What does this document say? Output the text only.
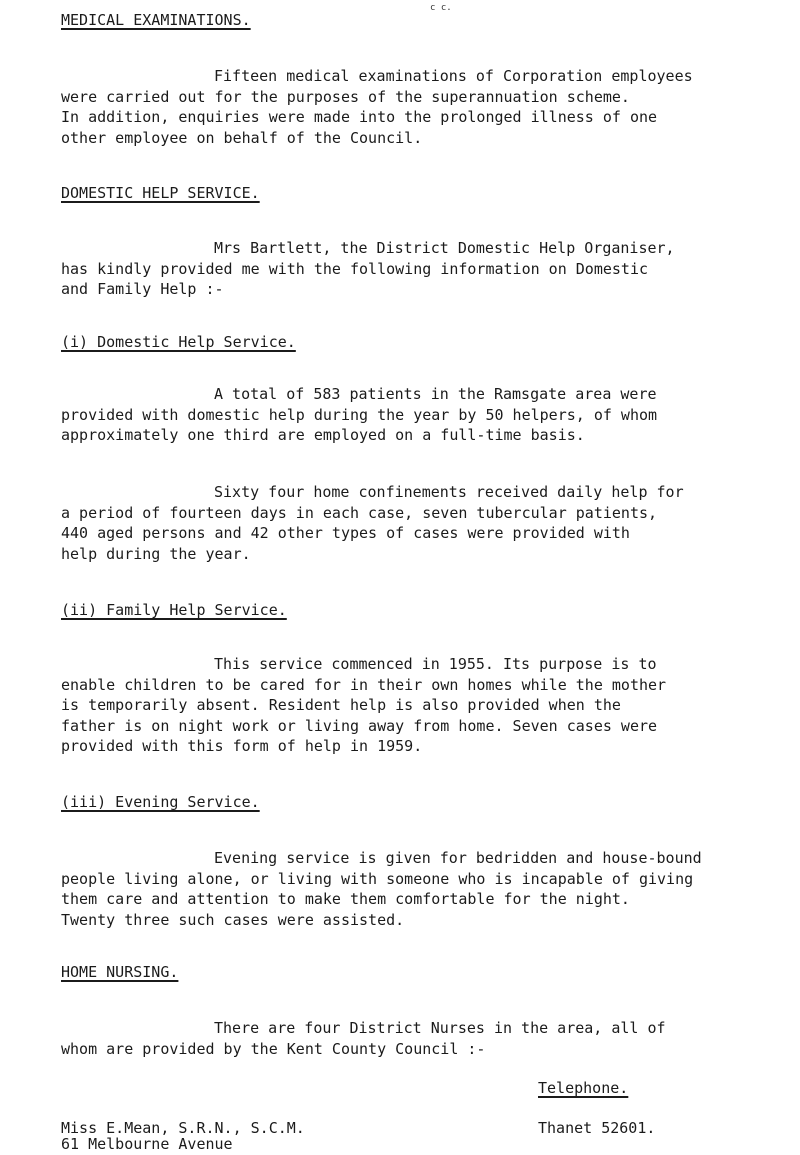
c c.
MEDICAL EXAMINATIONS.
Fifteen medical examinations of Corporation employees
were carried out for the purposes of the superannuation scheme.
In addition, enquiries were made into the prolonged illness of one
other employee on behalf of the Council.
DOMESTIC HELP SERVICE.
Mrs Bartlett, the District Domestic Help Organiser,
has kindly provided me with the following information on Domestic
and Family Help :-
(i) Domestic Help Service.
A total of 583 patients in the Ramsgate area were
provided with domestic help during the year by 50 helpers, of whom
approximately one third are employed on a full-time basis.
Sixty four home confinements received daily help for
a period of fourteen days in each case, seven tubercular patients,
440 aged persons and 42 other types of cases were provided with
help during the year.
(ii) Family Help Service.
This service commenced in 1955. Its purpose is to
enable children to be cared for in their own homes while the mother
is temporarily absent. Resident help is also provided when the
father is on night work or living away from home. Seven cases were
provided with this form of help in 1959.
(iii) Evening Service.
Evening service is given for bedridden and house-bound
people living alone, or living with someone who is incapable of giving
them care and attention to make them comfortable for the night.
Twenty three such cases were assisted.
HOME NURSING.
There are four District Nurses in the area, all of
whom are provided by the Kent County Council :-
Telephone.
Miss E.Mean, S.R.N., S.C.M.	Thanet 52601.
61 Melbourne Avenue
